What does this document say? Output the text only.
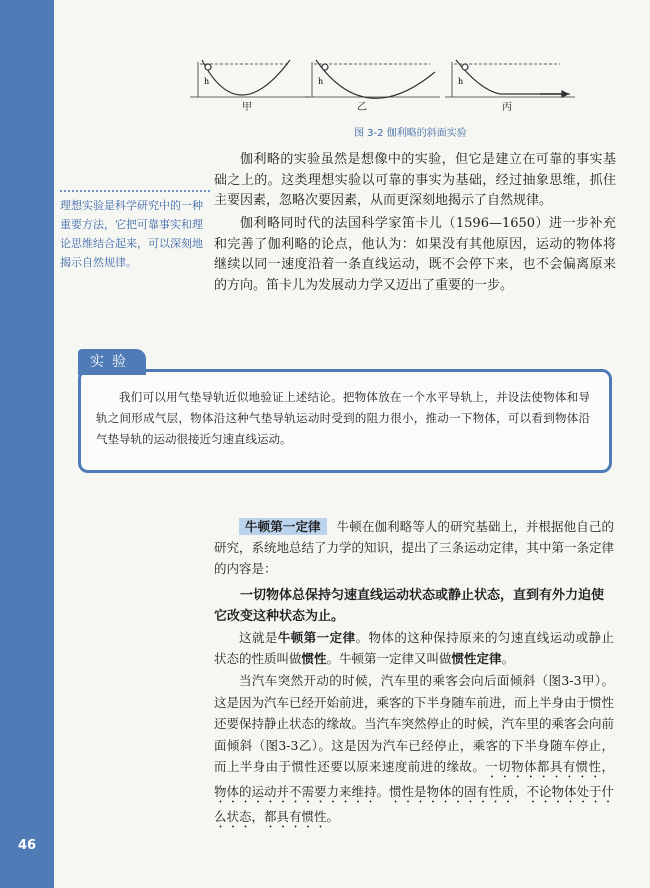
46
h	h	h
甲	乙	丙
图 3-2 伽利略的斜面实验
理想实验是科学研究中的一种重要方法，它把可靠事实和理论思维结合起来，可以深刻地揭示自然规律。
伽利略的实验虽然是想像中的实验，但它是建立在可靠的事实基础之上的。这类理想实验以可靠的事实为基础，经过抽象思维，抓住主要因素，忽略次要因素，从而更深刻地揭示了自然规律。
伽利略同时代的法国科学家笛卡儿（1596—1650）进一步补充和完善了伽利略的论点，他认为：如果没有其他原因，运动的物体将继续以同一速度沿着一条直线运动，既不会停下来，也不会偏离原来的方向。笛卡儿为发展动力学又迈出了重要的一步。
实验
我们可以用气垫导轨近似地验证上述结论。把物体放在一个水平导轨上，并设法使物体和导轨之间形成气层，物体沿这种气垫导轨运动时受到的阻力很小，推动一下物体，可以看到物体沿气垫导轨的运动很接近匀速直线运动。
牛顿第一定律 牛顿在伽利略等人的研究基础上，并根据他自己的研究，系统地总结了力学的知识，提出了三条运动定律，其中第一条定律的内容是：
一切物体总保持匀速直线运动状态或静止状态，直到有外力迫使它改变这种状态为止。
这就是牛顿第一定律。物体的这种保持原来的匀速直线运动或静止状态的性质叫做惯性。牛顿第一定律又叫做惯性定律。
当汽车突然开动的时候，汽车里的乘客会向后面倾斜（图3-3甲）。这是因为汽车已经开始前进，乘客的下半身随车前进，而上半身由于惯性还要保持静止状态的缘故。当汽车突然停止的时候，汽车里的乘客会向前面倾斜（图3-3乙）。这是因为汽车已经停止，乘客的下半身随车停止，而上半身由于惯性还要以原来速度前进的缘故。一切物体都具有惯性，物体的运动并不需要力来维持。惯性是物体的固有性质，不论物体处于什么状态，都具有惯性。
